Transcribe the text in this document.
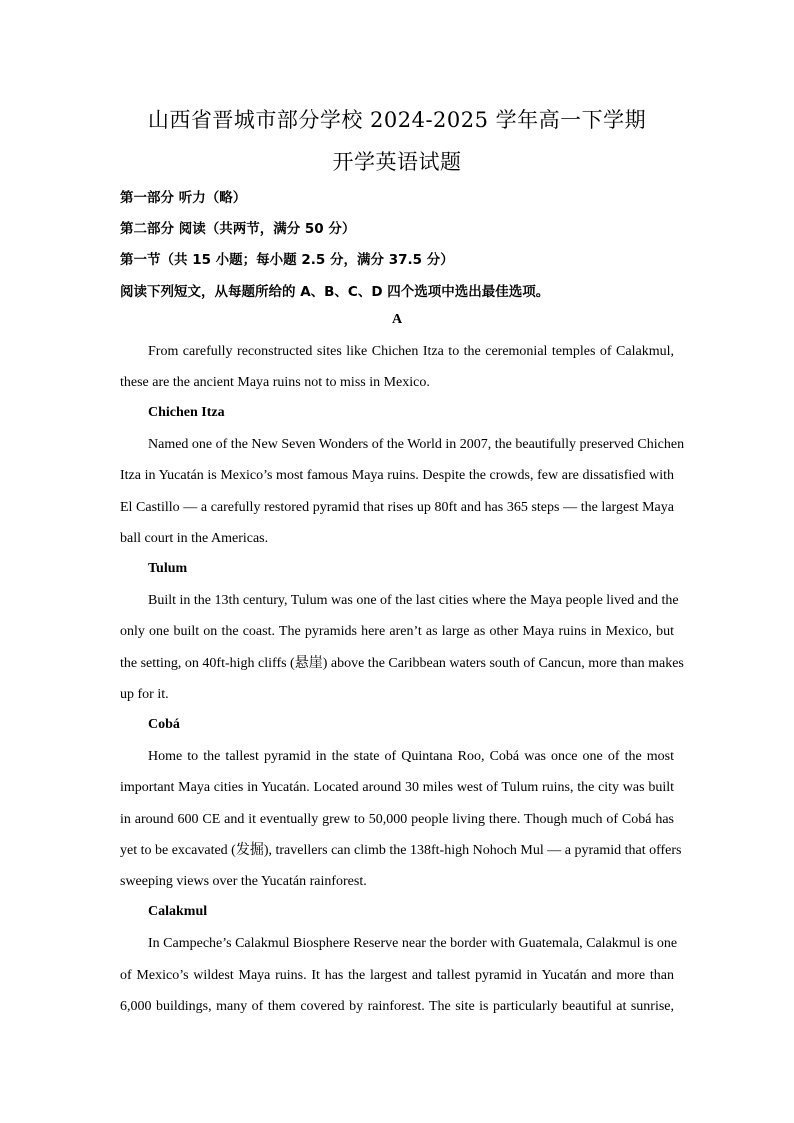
山西省晋城市部分学校 2024-2025 学年高一下学期
开学英语试题
第一部分 听力（略）
第二部分 阅读（共两节，满分 50 分）
第一节（共 15 小题；每小题 2.5 分，满分 37.5 分）
阅读下列短文，从每题所给的 A、B、C、D 四个选项中选出最佳选项。
A
From carefully reconstructed sites like Chichen Itza to the ceremonial temples of Calakmul,
these are the ancient Maya ruins not to miss in Mexico.
Chichen Itza
Named one of the New Seven Wonders of the World in 2007, the beautifully preserved Chichen
Itza in Yucatán is Mexico’s most famous Maya ruins. Despite the crowds, few are dissatisfied with
El Castillo — a carefully restored pyramid that rises up 80ft and has 365 steps — the largest Maya
ball court in the Americas.
Tulum
Built in the 13th century, Tulum was one of the last cities where the Maya people lived and the
only one built on the coast. The pyramids here aren’t as large as other Maya ruins in Mexico, but
the setting, on 40ft-high cliffs (悬崖) above the Caribbean waters south of Cancun, more than makes
up for it.
Cobá
Home to the tallest pyramid in the state of Quintana Roo, Cobá was once one of the most
important Maya cities in Yucatán. Located around 30 miles west of Tulum ruins, the city was built
in around 600 CE and it eventually grew to 50,000 people living there. Though much of Cobá has
yet to be excavated (发掘), travellers can climb the 138ft-high Nohoch Mul — a pyramid that offers
sweeping views over the Yucatán rainforest.
Calakmul
In Campeche’s Calakmul Biosphere Reserve near the border with Guatemala, Calakmul is one
of Mexico’s wildest Maya ruins. It has the largest and tallest pyramid in Yucatán and more than
6,000 buildings, many of them covered by rainforest. The site is particularly beautiful at sunrise,
